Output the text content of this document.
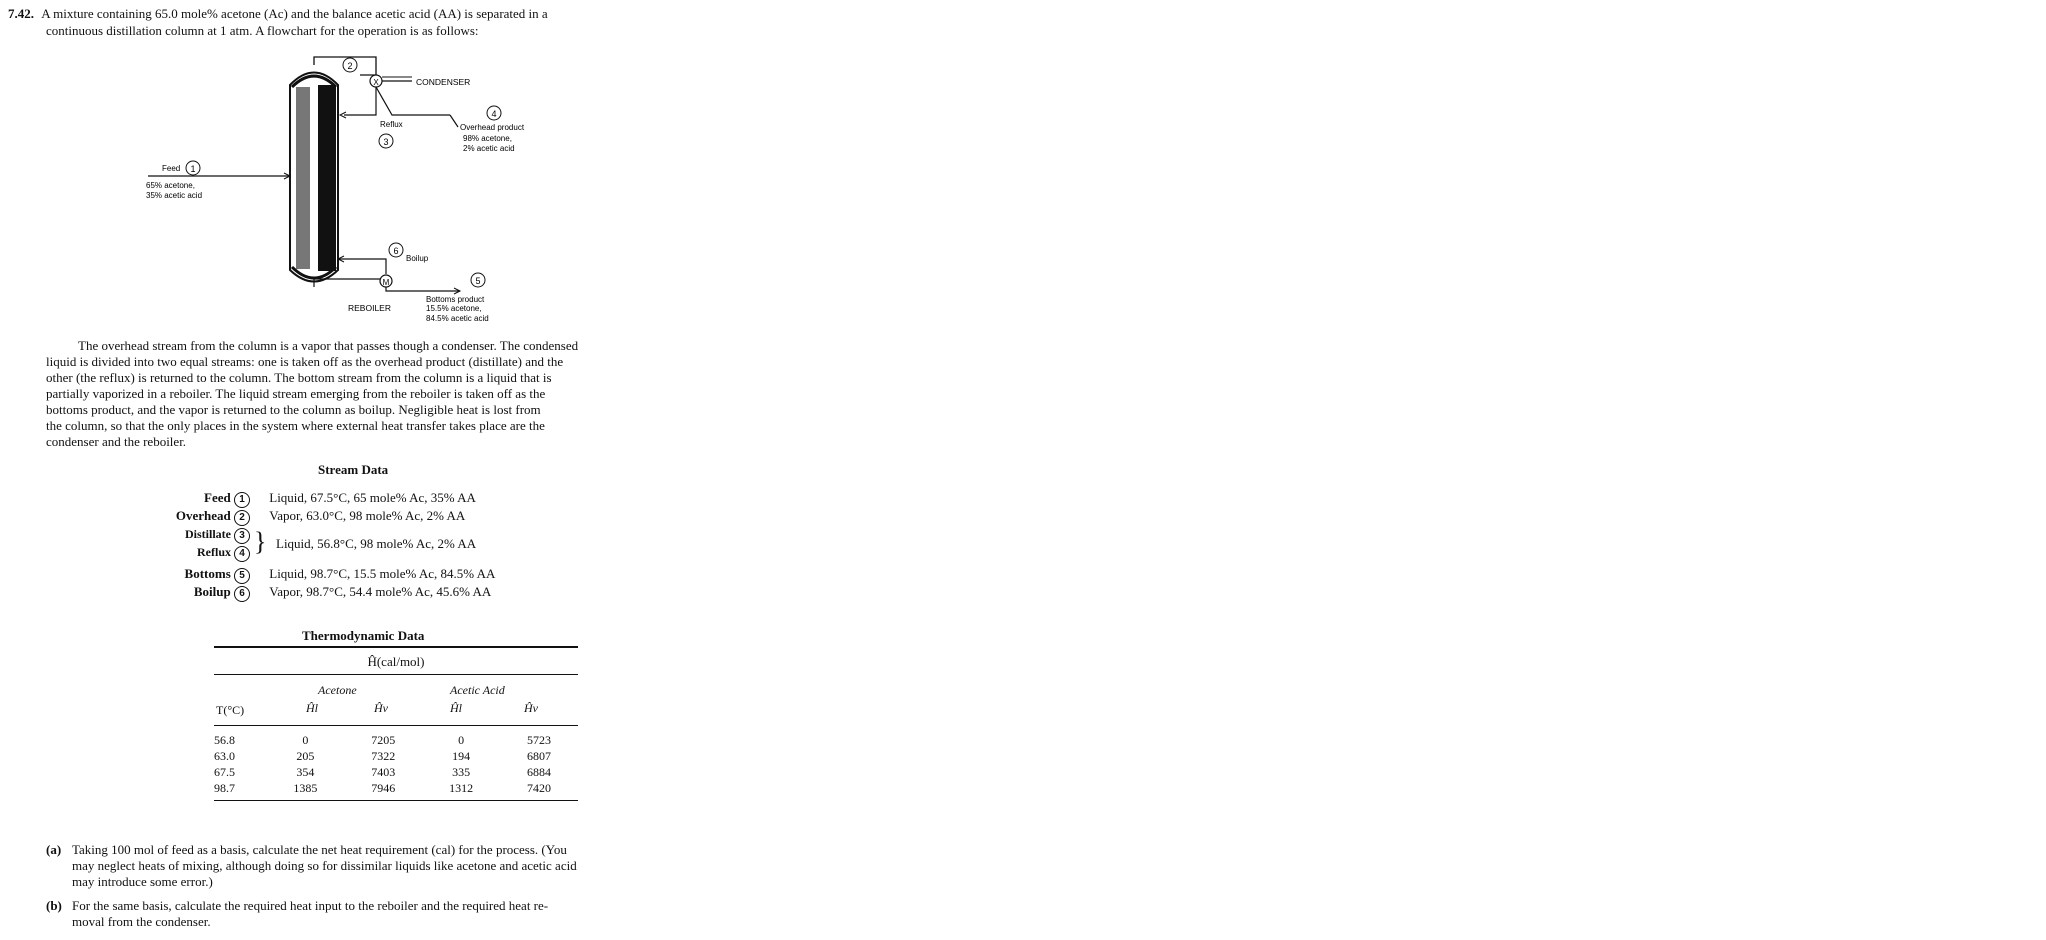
7.42. A mixture containing 65.0 mole% acetone (Ac) and the balance acetic acid (AA) is separated in a
continuous distillation column at 1 atm. A flowchart for the operation is as follows:
X	CONDENSER
2
Reflux
3
4
Overhead product
98% acetone,
2% acetic acid
Feed 1
65% acetone,
35% acetic acid
6
Boilup
M
REBOILER
5
Bottoms product
15.5% acetone,
84.5% acetic acid

The overhead stream from the column is a vapor that passes though a condenser. The condensed

liquid is divided into two equal streams: one is taken off as the overhead product (distillate) and the

other (the reflux) is returned to the column. The bottom stream from the column is a liquid that is

partially vaporized in a reboiler. The liquid stream emerging from the reboiler is taken off as the

bottoms product, and the vapor is returned to the column as boilup. Negligible heat is lost from

the column, so that the only places in the system where external heat transfer takes place are the

condenser and the reboiler.

Stream Data
Feed 1 Liquid, 67.5°C, 65 mole% Ac, 35% AA
Overhead 2 Vapor, 63.0°C, 98 mole% Ac, 2% AA
Distillate 3
Reflux 4 } Liquid, 56.8°C, 98 mole% Ac, 2% AA
Bottoms 5 Liquid, 98.7°C, 15.5 mole% Ac, 84.5% AA
Boilup 6 Vapor, 98.7°C, 54.4 mole% Ac, 45.6% AA
Thermodynamic Data
Ĥ(cal/mol)
Acetone	Acetic Acid
T(°C)	Ĥl	Ĥv	Ĥl	Ĥv
56.8	0	7205	0	5723
63.0	205	7322	194	6807
67.5	354	7403	335	6884
98.7	1385	7946	1312	7420
(a) Taking 100 mol of feed as a basis, calculate the net heat requirement (cal) for the process. (You
may neglect heats of mixing, although doing so for dissimilar liquids like acetone and acetic acid
may introduce some error.)
(b) For the same basis, calculate the required heat input to the reboiler and the required heat re-
moval from the condenser.
